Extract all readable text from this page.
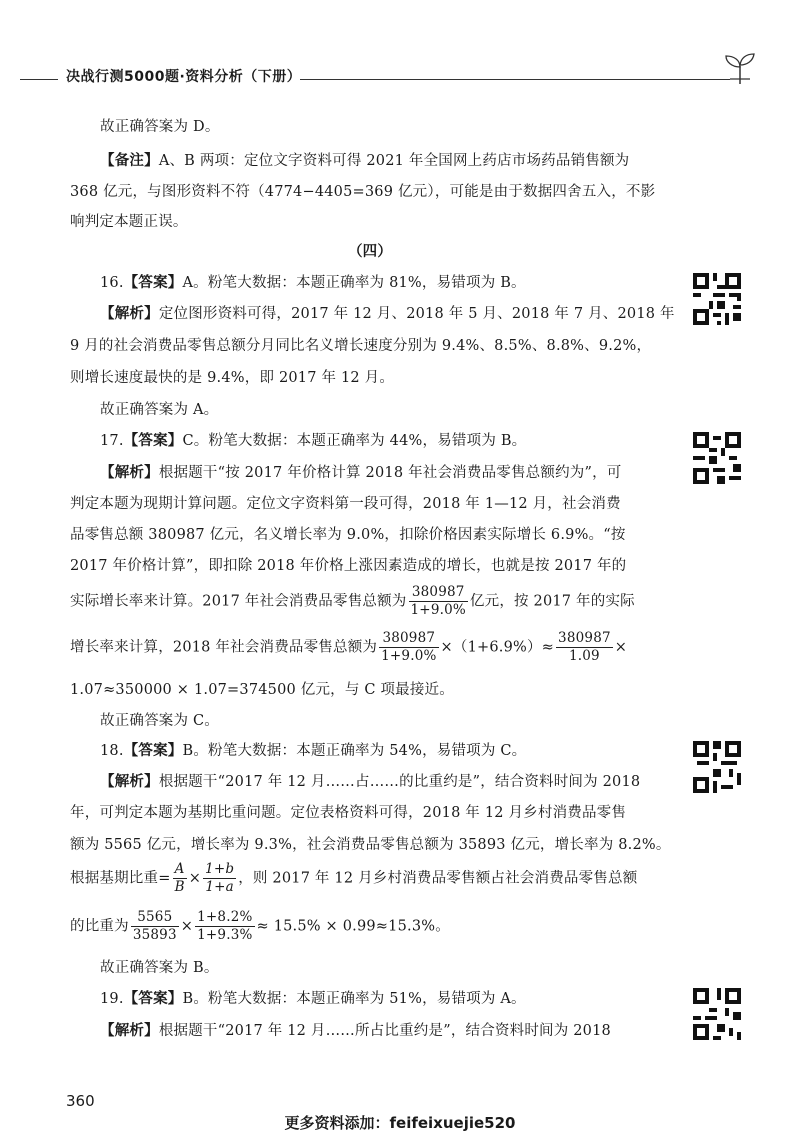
决战行测5000题·资料分析（下册）
故正确答案为 D。
【备注】A、B 两项：定位文字资料可得 2021 年全国网上药店市场药品销售额为
368 亿元，与图形资料不符（4774−4405=369 亿元），可能是由于数据四舍五入，不影
响判定本题正误。
（四）
16.【答案】A。粉笔大数据：本题正确率为 81%，易错项为 B。
【解析】定位图形资料可得，2017 年 12 月、2018 年 5 月、2018 年 7 月、2018 年
9 月的社会消费品零售总额分月同比名义增长速度分别为 9.4%、8.5%、8.8%、9.2%，
则增长速度最快的是 9.4%，即 2017 年 12 月。
故正确答案为 A。
17.【答案】C。粉笔大数据：本题正确率为 44%，易错项为 B。
【解析】根据题干“按 2017 年价格计算 2018 年社会消费品零售总额约为”，可
判定本题为现期计算问题。定位文字资料第一段可得，2018 年 1—12 月，社会消费
品零售总额 380987 亿元，名义增长率为 9.0%，扣除价格因素实际增长 6.9%。“按
2017 年价格计算”，即扣除 2018 年价格上涨因素造成的增长，也就是按 2017 年的
实际增长率来计算。2017 年社会消费品零售总额为 $\frac{380987}{1+9.0\%}$ 亿元，按 2017 年的实际
增长率来计算，2018 年社会消费品零售总额为 $\frac{380987}{1+9.0\%} \times(1+6.9\%)\approx \frac{380987}{1.09}$ ×
1.07≈350000 × 1.07=374500 亿元，与 C 项最接近。
故正确答案为 C。
18.【答案】B。粉笔大数据：本题正确率为 54%，易错项为 C。
【解析】根据题干“2017 年 12 月……占……的比重约是”，结合资料时间为 2018
年，可判定本题为基期比重问题。定位表格资料可得，2018 年 12 月乡村消费品零售
额为 5565 亿元，增长率为 9.3%，社会消费品零售总额为 35893 亿元，增长率为 8.2%。
根据基期比重= $\frac{A}{B} \times \frac{1+b}{1+a}$ ，则 2017 年 12 月乡村消费品零售额占社会消费品零售总额
的比重为 $\frac{5565}{35893} \times \frac{1+8.2\%}{1+9.3\%} \approx 15.5\% \times 0.99\approx 15.3\%$。
故正确答案为 B。
19.【答案】B。粉笔大数据：本题正确率为 51%，易错项为 A。
【解析】根据题干“2017 年 12 月……所占比重约是”，结合资料时间为 2018
360
更多资料添加：feifeixuejie520
